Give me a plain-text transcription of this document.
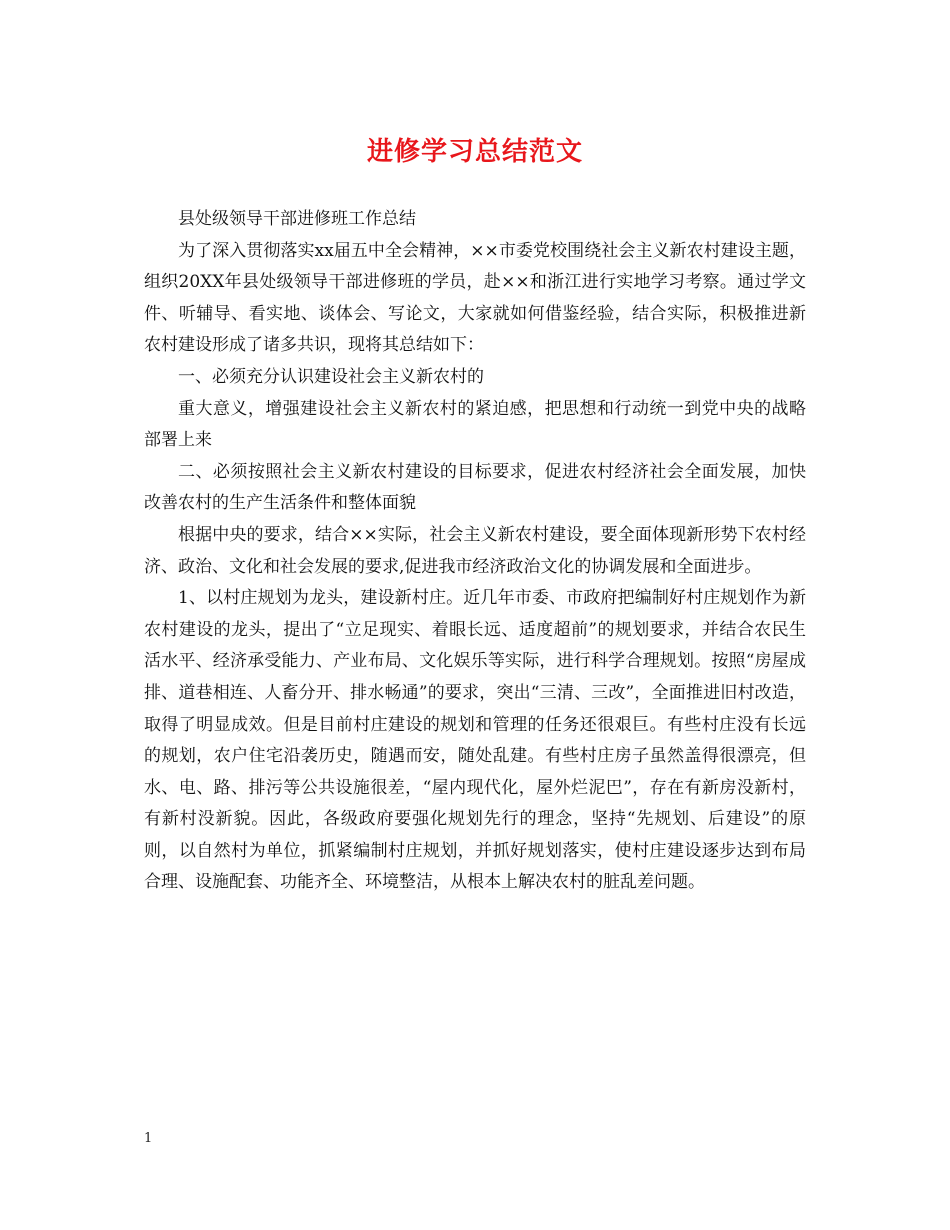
进修学习总结范文

县处级领导干部进修班工作总结

为了深入贯彻落实xx届五中全会精神，××市委党校围绕社会主义新农村建设主题，组织20XX年县处级领导干部进修班的学员，赴××和浙江进行实地学习考察。通过学文件、听辅导、看实地、谈体会、写论文，大家就如何借鉴经验，结合实际，积极推进新农村建设形成了诸多共识，现将其总结如下：

一、必须充分认识建设社会主义新农村的

重大意义，增强建设社会主义新农村的紧迫感，把思想和行动统一到党中央的战略部署上来

二、必须按照社会主义新农村建设的目标要求，促进农村经济社会全面发展，加快改善农村的生产生活条件和整体面貌

根据中央的要求，结合××实际，社会主义新农村建设，要全面体现新形势下农村经济、政治、文化和社会发展的要求,促进我市经济政治文化的协调发展和全面进步。

1、以村庄规划为龙头，建设新村庄。近几年市委、市政府把编制好村庄规划作为新农村建设的龙头，提出了“立足现实、着眼长远、适度超前”的规划要求，并结合农民生活水平、经济承受能力、产业布局、文化娱乐等实际，进行科学合理规划。按照“房屋成排、道巷相连、人畜分开、排水畅通”的要求，突出“三清、三改”，全面推进旧村改造，取得了明显成效。但是目前村庄建设的规划和管理的任务还很艰巨。有些村庄没有长远的规划，农户住宅沿袭历史，随遇而安，随处乱建。有些村庄房子虽然盖得很漂亮，但水、电、路、排污等公共设施很差，“屋内现代化，屋外烂泥巴”，存在有新房没新村，有新村没新貌。因此，各级政府要强化规划先行的理念，坚持“先规划、后建设”的原则，以自然村为单位，抓紧编制村庄规划，并抓好规划落实，使村庄建设逐步达到布局合理、设施配套、功能齐全、环境整洁，从根本上解决农村的脏乱差问题。

1
